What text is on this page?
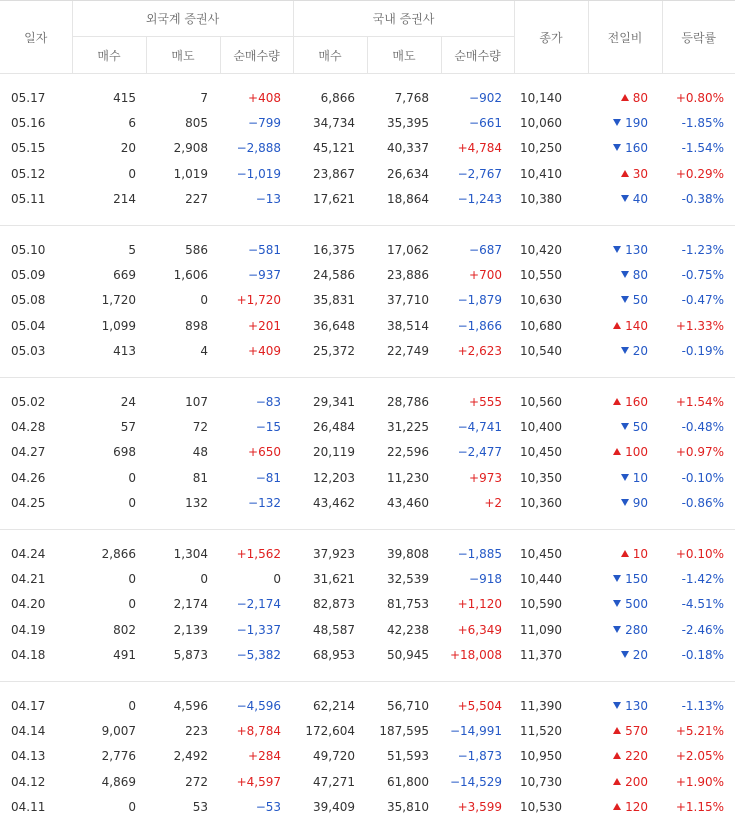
일자	외국계 증권사			국내 증권사			종가	전일비	등락률
	매수	매도	순매수량	매수	매도	순매수량			

05.17	415	7	+408	6,866	7,768	−902	10,140	80	+0.80%
05.16	6	805	−799	34,734	35,395	−661	10,060	190	-1.85%
05.15	20	2,908	−2,888	45,121	40,337	+4,784	10,250	160	-1.54%
05.12	0	1,019	−1,019	23,867	26,634	−2,767	10,410	30	+0.29%
05.11	214	227	−13	17,621	18,864	−1,243	10,380	40	-0.38%

05.10	5	586	−581	16,375	17,062	−687	10,420	130	-1.23%
05.09	669	1,606	−937	24,586	23,886	+700	10,550	80	-0.75%
05.08	1,720	0	+1,720	35,831	37,710	−1,879	10,630	50	-0.47%
05.04	1,099	898	+201	36,648	38,514	−1,866	10,680	140	+1.33%
05.03	413	4	+409	25,372	22,749	+2,623	10,540	20	-0.19%

05.02	24	107	−83	29,341	28,786	+555	10,560	160	+1.54%
04.28	57	72	−15	26,484	31,225	−4,741	10,400	50	-0.48%
04.27	698	48	+650	20,119	22,596	−2,477	10,450	100	+0.97%
04.26	0	81	−81	12,203	11,230	+973	10,350	10	-0.10%
04.25	0	132	−132	43,462	43,460	+2	10,360	90	-0.86%

04.24	2,866	1,304	+1,562	37,923	39,808	−1,885	10,450	10	+0.10%
04.21	0	0	0	31,621	32,539	−918	10,440	150	-1.42%
04.20	0	2,174	−2,174	82,873	81,753	+1,120	10,590	500	-4.51%
04.19	802	2,139	−1,337	48,587	42,238	+6,349	11,090	280	-2.46%
04.18	491	5,873	−5,382	68,953	50,945	+18,008	11,370	20	-0.18%

04.17	0	4,596	−4,596	62,214	56,710	+5,504	11,390	130	-1.13%
04.14	9,007	223	+8,784	172,604	187,595	−14,991	11,520	570	+5.21%
04.13	2,776	2,492	+284	49,720	51,593	−1,873	10,950	220	+2.05%
04.12	4,869	272	+4,597	47,271	61,800	−14,529	10,730	200	+1.90%
04.11	0	53	−53	39,409	35,810	+3,599	10,530	120	+1.15%
